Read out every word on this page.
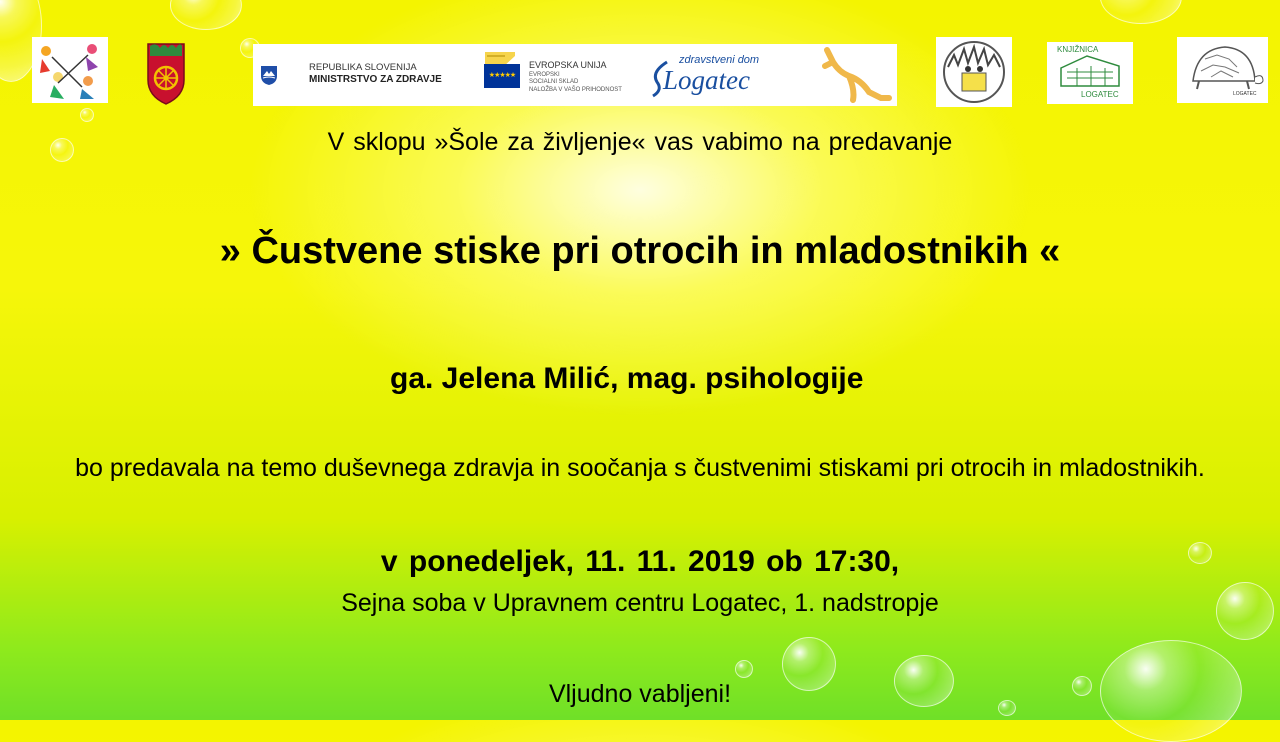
REPUBLIKA SLOVENIJA
MINISTRSTVO ZA ZDRAVJE	★★★★★
EVROPSKA UNIJA
EVROPSKI
SOCIALNI SKLAD
NALOŽBA V VAŠO PRIHODNOST
zdravstveni dom
Logatec
KNJIŽNICA
LOGATEC	LOGATEC
V sklopu »Šole za življenje« vas vabimo na predavanje
» Čustvene stiske pri otrocih in mladostnikih «
ga. Jelena Milić, mag. psihologije
bo predavala na temo duševnega zdravja in soočanja s čustvenimi stiskami pri otrocih in mladostnikih.
v ponedeljek, 11. 11. 2019 ob 17:30,
Sejna soba v Upravnem centru Logatec, 1. nadstropje
Vljudno vabljeni!
